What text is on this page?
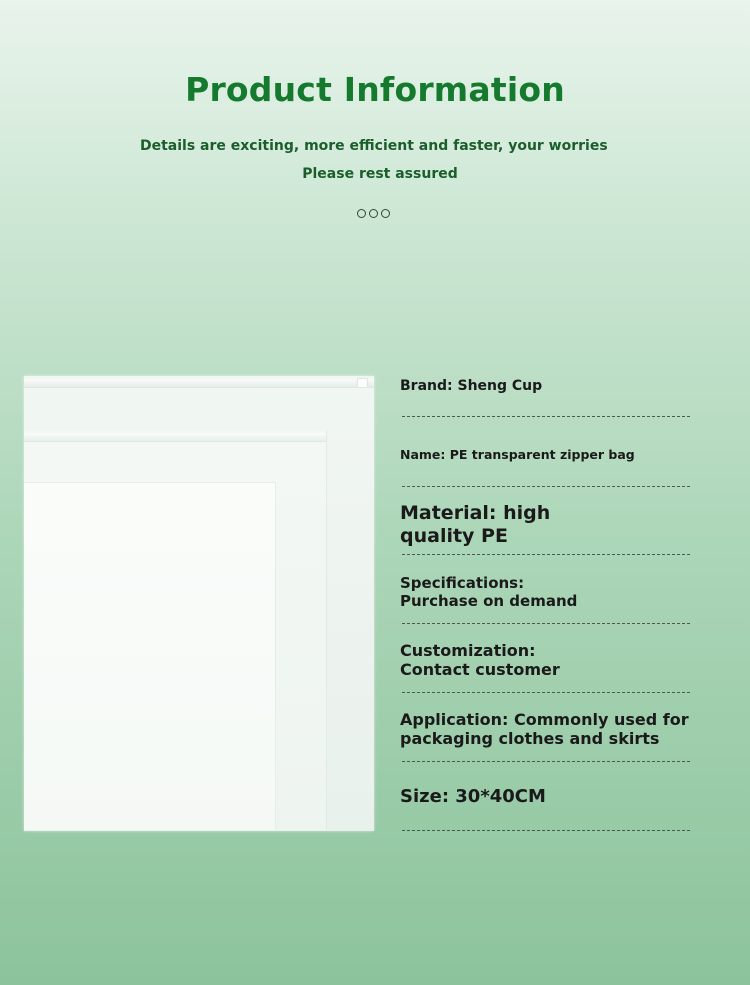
Product Information
Details are exciting, more efficient and faster, your worries
Please rest assured
Brand: Sheng Cup
Name: PE transparent zipper bag
Material: high quality PE
Specifications: Purchase on demand
Customization: Contact customer
Application: Commonly used for packaging clothes and skirts
Size: 30*40CM
